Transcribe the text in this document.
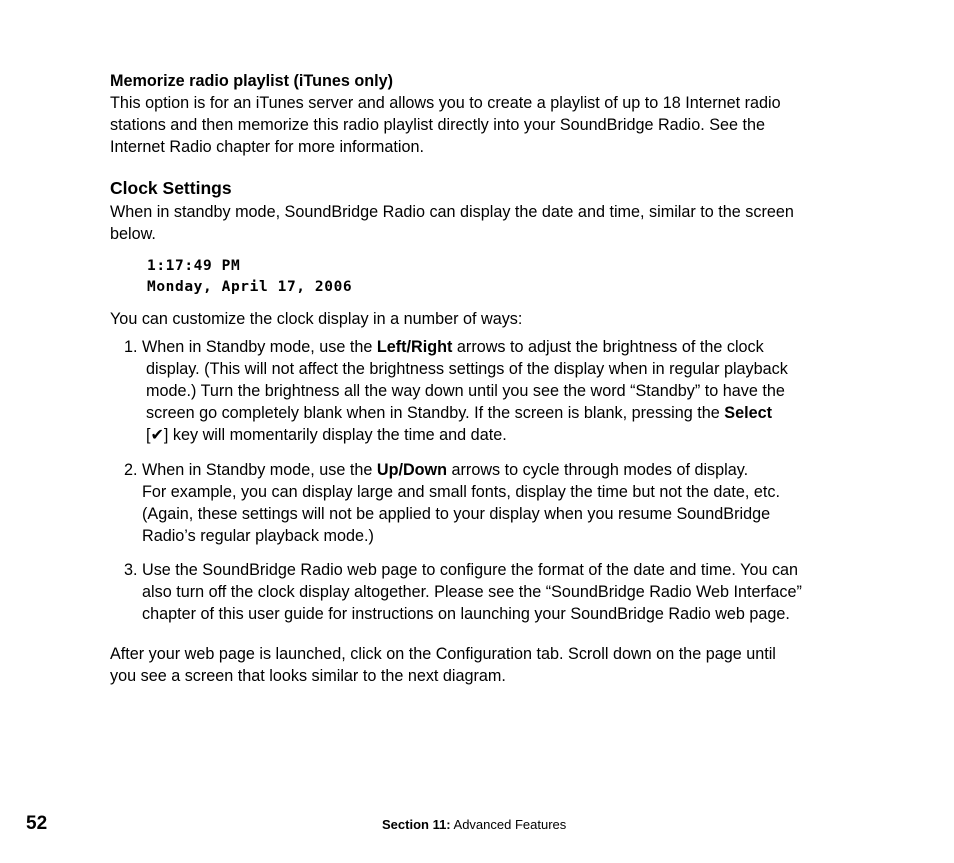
Memorize radio playlist (iTunes only)
This option is for an iTunes server and allows you to create a playlist of up to 18 Internet radio
stations and then memorize this radio playlist directly into your SoundBridge Radio. See the
Internet Radio chapter for more information.
Clock Settings
When in standby mode, SoundBridge Radio can display the date and time, similar to the screen
below.
1:17:49 PM
Monday, April 17, 2006
You can customize the clock display in a number of ways:
1. When in Standby mode, use the Left/Right arrows to adjust the brightness of the clock
display. (This will not affect the brightness settings of the display when in regular playback
mode.) Turn the brightness all the way down until you see the word “Standby” to have the
screen go completely blank when in Standby. If the screen is blank, pressing the Select
[✔] key will momentarily display the time and date.
2. When in Standby mode, use the Up/Down arrows to cycle through modes of display.
For example, you can display large and small fonts, display the time but not the date, etc.
(Again, these settings will not be applied to your display when you resume SoundBridge
Radio’s regular playback mode.)
3. Use the SoundBridge Radio web page to configure the format of the date and time. You can
also turn off the clock display altogether. Please see the “SoundBridge Radio Web Interface”
chapter of this user guide for instructions on launching your SoundBridge Radio web page.
After your web page is launched, click on the Configuration tab. Scroll down on the page until
you see a screen that looks similar to the next diagram.
52	Section 11: Advanced Features
